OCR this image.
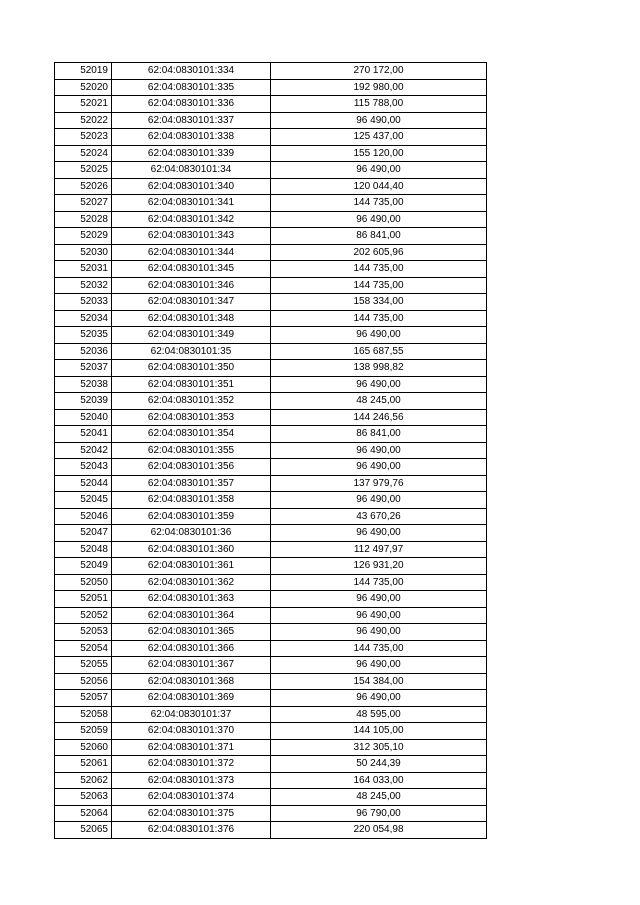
52019	62:04:0830101:334	270 172,00
52020	62:04:0830101:335	192 980,00
52021	62:04:0830101:336	115 788,00
52022	62:04:0830101:337	96 490,00
52023	62:04:0830101:338	125 437,00
52024	62:04:0830101:339	155 120,00
52025	62:04:0830101:34	96 490,00
52026	62:04:0830101:340	120 044,40
52027	62:04:0830101:341	144 735,00
52028	62:04:0830101:342	96 490,00
52029	62:04:0830101:343	86 841,00
52030	62:04:0830101:344	202 605,96
52031	62:04:0830101:345	144 735,00
52032	62:04:0830101:346	144 735,00
52033	62:04:0830101:347	158 334,00
52034	62:04:0830101:348	144 735,00
52035	62:04:0830101:349	96 490,00
52036	62:04:0830101:35	165 687,55
52037	62:04:0830101:350	138 998,82
52038	62:04:0830101:351	96 490,00
52039	62:04:0830101:352	48 245,00
52040	62:04:0830101:353	144 246,56
52041	62:04:0830101:354	86 841,00
52042	62:04:0830101:355	96 490,00
52043	62:04:0830101:356	96 490,00
52044	62:04:0830101:357	137 979,76
52045	62:04:0830101:358	96 490,00
52046	62:04:0830101:359	43 670,26
52047	62:04:0830101:36	96 490,00
52048	62:04:0830101:360	112 497,97
52049	62:04:0830101:361	126 931,20
52050	62:04:0830101:362	144 735,00
52051	62:04:0830101:363	96 490,00
52052	62:04:0830101:364	96 490,00
52053	62:04:0830101:365	96 490,00
52054	62:04:0830101:366	144 735,00
52055	62:04:0830101:367	96 490,00
52056	62:04:0830101:368	154 384,00
52057	62:04:0830101:369	96 490,00
52058	62:04:0830101:37	48 595,00
52059	62:04:0830101:370	144 105,00
52060	62:04:0830101:371	312 305,10
52061	62:04:0830101:372	50 244,39
52062	62:04:0830101:373	164 033,00
52063	62:04:0830101:374	48 245,00
52064	62:04:0830101:375	96 790,00
52065	62:04:0830101:376	220 054,98
